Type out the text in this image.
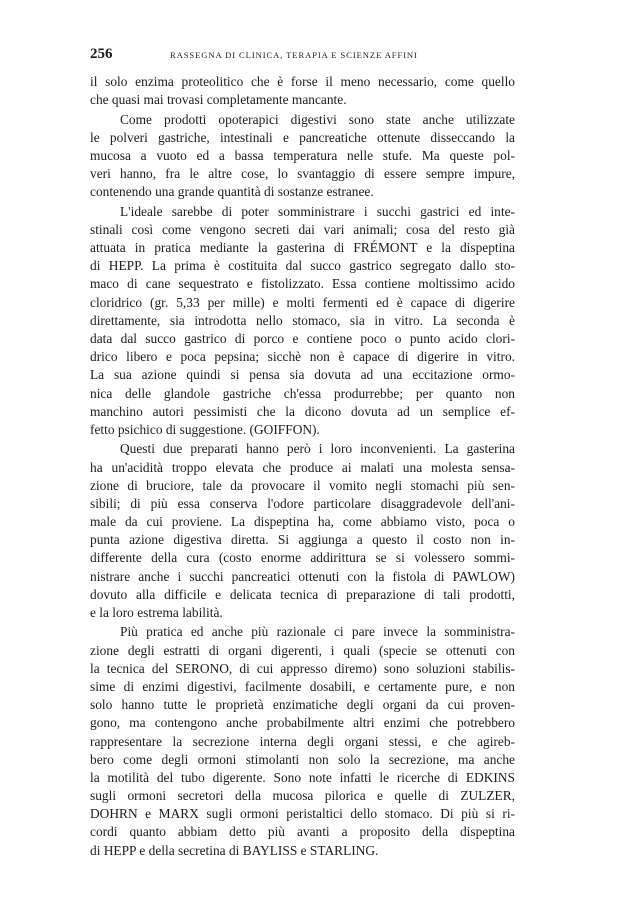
256	RASSEGNA DI CLINICA, TERAPIA E SCIENZE AFFINI
il solo enzima proteolitico che è forse il meno necessario, come quello
che quasi mai trovasi completamente mancante.
Come prodotti opoterapici digestivi sono state anche utilizzate
le polveri gastriche, intestinali e pancreatiche ottenute disseccando la
mucosa a vuoto ed a bassa temperatura nelle stufe. Ma queste pol-
veri hanno, fra le altre cose, lo svantaggio di essere sempre impure,
contenendo una grande quantità di sostanze estranee.
L'ideale sarebbe di poter somministrare i succhi gastrici ed inte-
stinali così come vengono secreti dai vari animali; cosa del resto già
attuata in pratica mediante la gasterina di FRÉMONT e la dispeptina
di HEPP. La prima è costituita dal succo gastrico segregato dallo sto-
maco di cane sequestrato e fistolizzato. Essa contiene moltissimo acido
cloridrico (gr. 5,33 per mille) e molti fermenti ed è capace di digerire
direttamente, sia introdotta nello stomaco, sia in vitro. La seconda è
data dal succo gastrico di porco e contiene poco o punto acido clori-
drico libero e poca pepsina; sicchè non è capace di digerire in vitro.
La sua azione quindi si pensa sia dovuta ad una eccitazione ormo-
nica delle glandole gastriche ch'essa produrrebbe; per quanto non
manchino autori pessimisti che la dicono dovuta ad un semplice ef-
fetto psichico di suggestione. (GOIFFON).
Questi due preparati hanno però i loro inconvenienti. La gasterina
ha un'acidità troppo elevata che produce ai malati una molesta sensa-
zione di bruciore, tale da provocare il vomito negli stomachi più sen-
sibili; di più essa conserva l'odore particolare disaggradevole dell'ani-
male da cui proviene. La dispeptina ha, come abbiamo visto, poca o
punta azione digestiva diretta. Si aggiunga a questo il costo non in-
differente della cura (costo enorme addirittura se si volessero sommi-
nistrare anche i succhi pancreatici ottenuti con la fistola di PAWLOW)
dovuto alla difficile e delicata tecnica di preparazione di tali prodotti,
e la loro estrema labilità.
Più pratica ed anche più razionale ci pare invece la somministra-
zione degli estratti di organi digerenti, i quali (specie se ottenuti con
la tecnica del SERONO, di cui appresso diremo) sono soluzioni stabilis-
sime di enzimi digestivi, facilmente dosabili, e certamente pure, e non
solo hanno tutte le proprietà enzimatiche degli organi da cui proven-
gono, ma contengono anche probabilmente altri enzimi che potrebbero
rappresentare la secrezione interna degli organi stessi, e che agireb-
bero come degli ormoni stimolanti non solo la secrezione, ma anche
la motilità del tubo digerente. Sono note infatti le ricerche di EDKINS
sugli ormoni secretori della mucosa pilorica e quelle di ZULZER,
DOHRN e MARX sugli ormoni peristaltici dello stomaco. Di più si ri-
cordi quanto abbiam detto più avanti a proposito della dispeptina
di HEPP e della secretina di BAYLISS e STARLING.
